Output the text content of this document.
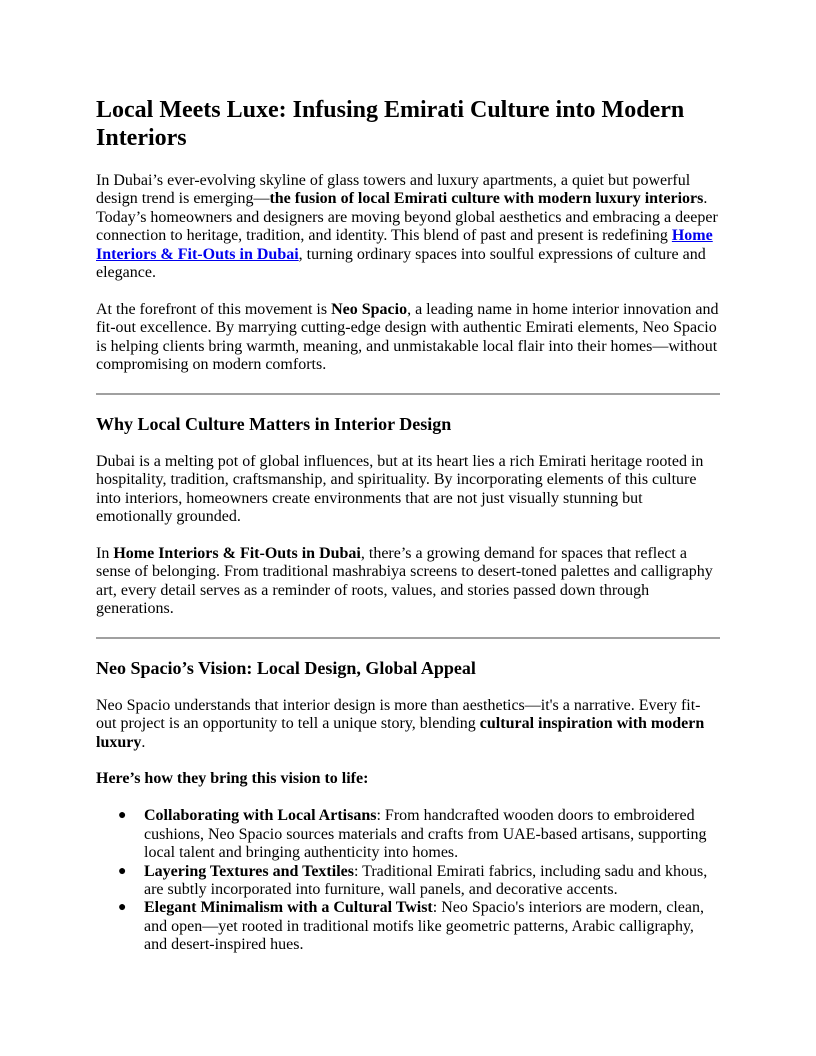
Local Meets Luxe: Infusing Emirati Culture into Modern Interiors

In Dubai’s ever-evolving skyline of glass towers and luxury apartments, a quiet but powerful design trend is emerging—the fusion of local Emirati culture with modern luxury interiors. Today’s homeowners and designers are moving beyond global aesthetics and embracing a deeper connection to heritage, tradition, and identity. This blend of past and present is redefining Home Interiors & Fit-Outs in Dubai, turning ordinary spaces into soulful expressions of culture and elegance.

At the forefront of this movement is Neo Spacio, a leading name in home interior innovation and fit-out excellence. By marrying cutting-edge design with authentic Emirati elements, Neo Spacio is helping clients bring warmth, meaning, and unmistakable local flair into their homes—without compromising on modern comforts.

Why Local Culture Matters in Interior Design

Dubai is a melting pot of global influences, but at its heart lies a rich Emirati heritage rooted in hospitality, tradition, craftsmanship, and spirituality. By incorporating elements of this culture into interiors, homeowners create environments that are not just visually stunning but emotionally grounded.

In Home Interiors & Fit-Outs in Dubai, there’s a growing demand for spaces that reflect a sense of belonging. From traditional mashrabiya screens to desert-toned palettes and calligraphy art, every detail serves as a reminder of roots, values, and stories passed down through generations.

Neo Spacio’s Vision: Local Design, Global Appeal

Neo Spacio understands that interior design is more than aesthetics—it's a narrative. Every fit-out project is an opportunity to tell a unique story, blending cultural inspiration with modern luxury.

Here’s how they bring this vision to life:

● Collaborating with Local Artisans: From handcrafted wooden doors to embroidered cushions, Neo Spacio sources materials and crafts from UAE-based artisans, supporting local talent and bringing authenticity into homes.
● Layering Textures and Textiles: Traditional Emirati fabrics, including sadu and khous, are subtly incorporated into furniture, wall panels, and decorative accents.
● Elegant Minimalism with a Cultural Twist: Neo Spacio's interiors are modern, clean, and open—yet rooted in traditional motifs like geometric patterns, Arabic calligraphy, and desert-inspired hues.
